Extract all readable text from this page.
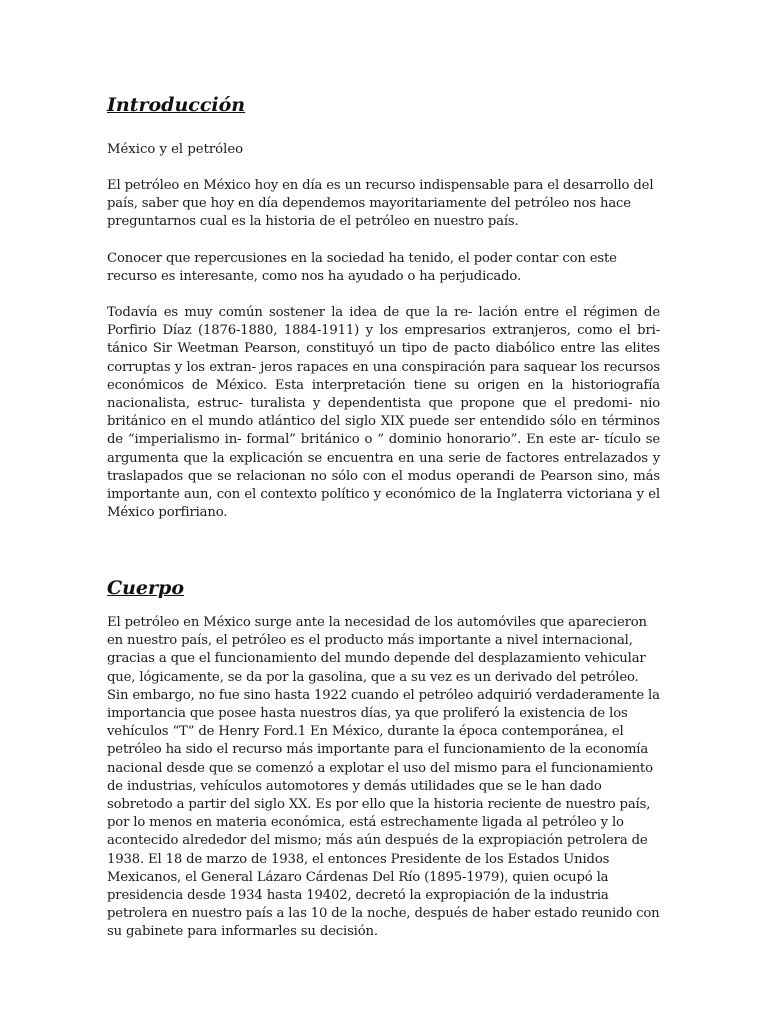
Introducción

México y el petróleo

El petróleo en México hoy en día es un recurso indispensable para el desarrollo del país, saber que hoy en día dependemos mayoritariamente del petróleo nos hace preguntarnos cual es la historia de el petróleo en nuestro país.

Conocer que repercusiones en la sociedad ha tenido, el poder contar con este recurso es interesante, como nos ha ayudado o ha perjudicado.

Todavía es muy común sostener la idea de que la re- lación entre el régimen de Porfirio Díaz (1876-1880, 1884-1911) y los empresarios extranjeros, como el bri- tánico Sir Weetman Pearson, constituyó un tipo de pacto diabólico entre las elites corruptas y los extran- jeros rapaces en una conspiración para saquear los recursos económicos de México. Esta interpretación tiene su origen en la historiografía nacionalista, estruc- turalista y dependentista que propone que el predomi- nio británico en el mundo atlántico del siglo XIX puede ser entendido sólo en términos de “imperialismo in- formal” británico o “ dominio honorario”. En este ar- tículo se argumenta que la explicación se encuentra en una serie de factores entrelazados y traslapados que se relacionan no sólo con el modus operandi de Pearson sino, más importante aun, con el contexto político y económico de la Inglaterra victoriana y el México porfiriano.

Cuerpo

El petróleo en México surge ante la necesidad de los automóviles que aparecieron en nuestro país, el petróleo es el producto más importante a nivel internacional, gracias a que el funcionamiento del mundo depende del desplazamiento vehicular que, lógicamente, se da por la gasolina, que a su vez es un derivado del petróleo. Sin embargo, no fue sino hasta 1922 cuando el petróleo adquirió verdaderamente la importancia que posee hasta nuestros días, ya que proliferó la existencia de los vehículos “T” de Henry Ford.1 En México, durante la época contemporánea, el petróleo ha sido el recurso más importante para el funcionamiento de la economía nacional desde que se comenzó a explotar el uso del mismo para el funcionamiento de industrias, vehículos automotores y demás utilidades que se le han dado sobretodo a partir del siglo XX. Es por ello que la historia reciente de nuestro país, por lo menos en materia económica, está estrechamente ligada al petróleo y lo acontecido alrededor del mismo; más aún después de la expropiación petrolera de 1938. El 18 de marzo de 1938, el entonces Presidente de los Estados Unidos Mexicanos, el General Lázaro Cárdenas Del Río (1895-1979), quien ocupó la presidencia desde 1934 hasta 19402, decretó la expropiación de la industria petrolera en nuestro país a las 10 de la noche, después de haber estado reunido con su gabinete para informarles su decisión.
